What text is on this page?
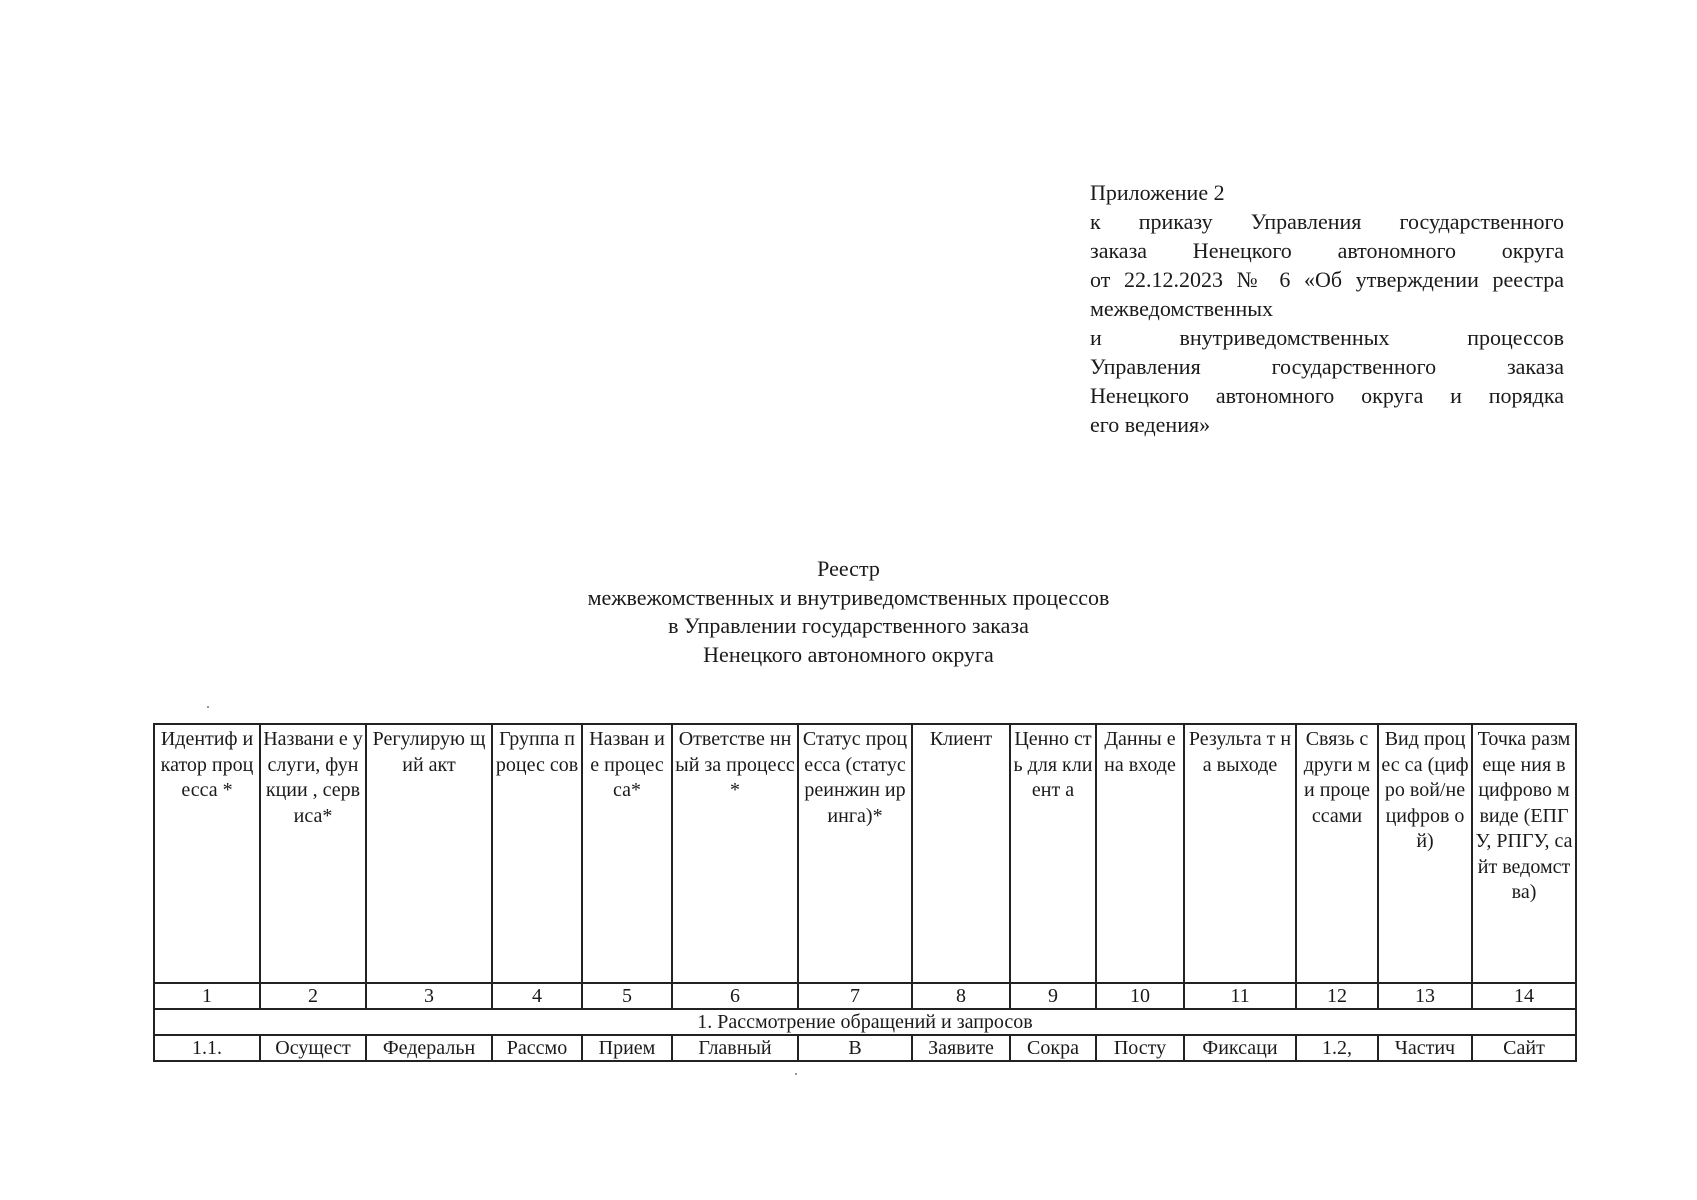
Приложение 2
к приказу Управления государственного
заказа Ненецкого автономного округа
от 22.12.2023 № 6 «Об утверждении реестра
межведомственных
и внутриведомственных процессов
Управления государственного заказа
Ненецкого автономного округа и порядка
его ведения»
Реестр
межвежомственных и внутриведомственных процессов
в Управлении государственного заказа
Ненецкого автономного округа
Идентиф икатор процесса *	Названи е услуги, функции , сервиса*	Регулирую щий акт	Группа процес сов	Назван ие процес са*	Ответстве нный за процесс*	Статус процесса (статус реинжин иринга)*	Клиент	Ценно сть для клиент а	Данны е на входе	Результа т на выходе	Связь с други ми проце ссами	Вид процес са (цифро вой/не цифров ой)	Точка размеще ния в цифрово м виде (ЕПГУ, РПГУ, сайт ведомст ва)
1	2	3	4	5	6	7	8	9	10	11	12	13	14
1. Рассмотрение обращений и запросов													
1.1.	Осущест	Федеральн	Рассмо	Прием	Главный	В	Заявите	Сокра	Посту	Фиксаци	1.2,	Частич	Сайт
